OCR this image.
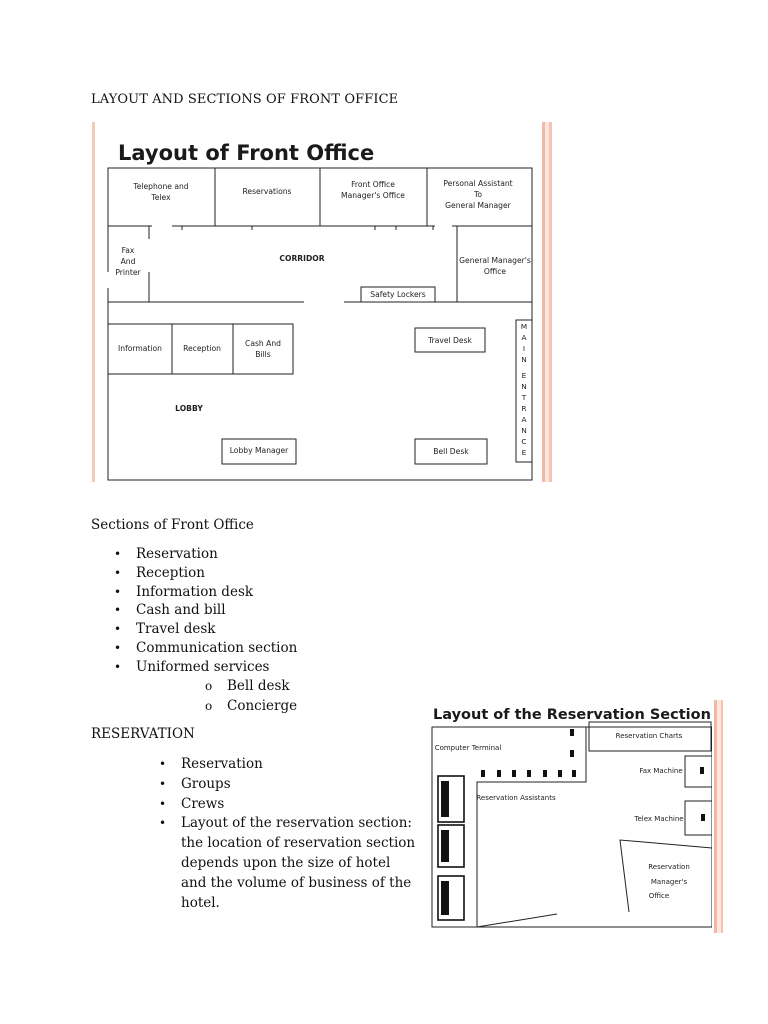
LAYOUT AND SECTIONS OF FRONT OFFICE
Layout of Front Office
Telephone and
Telex
Reservations
Front Office
Manager's Office
Personal Assistant
To
General Manager
Fax
And
Printer
CORRIDOR	General Manager's
Office
Safety Lockers
Information	Reception
Cash And
Bills
Travel Desk
LOBBY
Lobby Manager	Bell Desk
M
A
I
N
E
N
T
R
A
N
C
E
Sections of Front Office
• Reservation
• Reception
• Information desk
• Cash and bill
• Travel desk
• Communication section
• Uniformed services
o Bell desk
o Concierge
RESERVATION
• Reservation
• Groups
• Crews
• Layout of the reservation section: the location of reservation section depends upon the size of hotel and the volume of business of the hotel.
Layout of the Reservation Section
Computer Terminal
Reservation Charts
Fax Machine
Telex Machine
Reservation Assistants
Reservation
Manager's
Office
